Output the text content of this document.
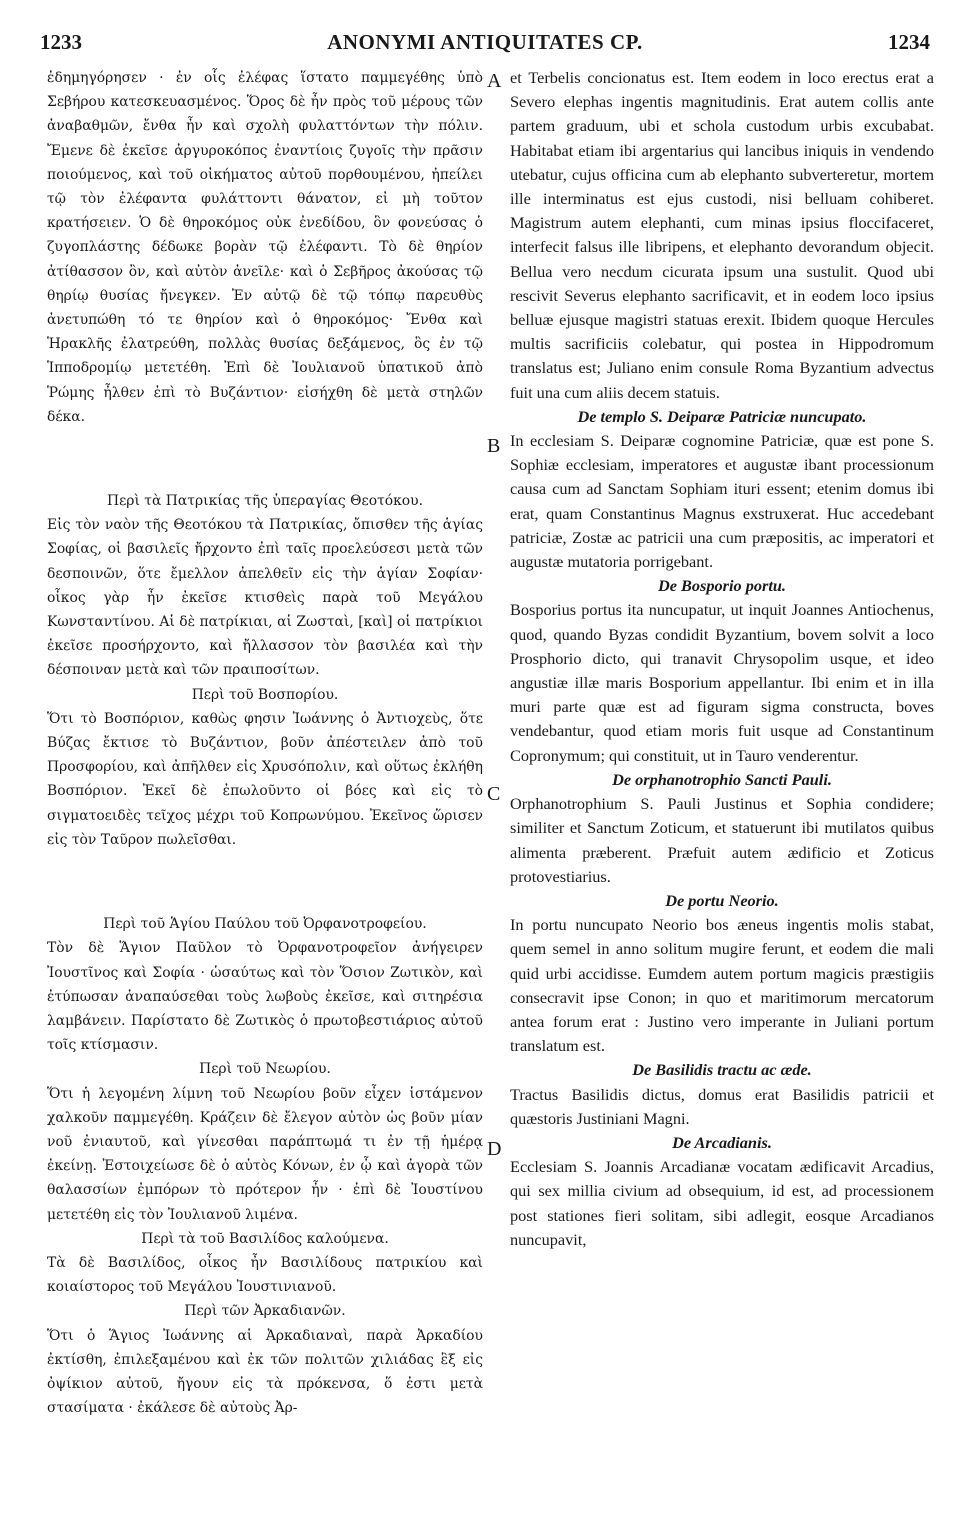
1233	ANONYMI ANTIQUITATES CP.	1234
A
B
C
D

ἐδημηγόρησεν · ἐν οἷς ἐλέφας ἵστατο παμμεγέθης ὑπὸ Σεβήρου κατεσκευασμένος. Ὅρος δὲ ἦν πρὸς τοῦ μέρους τῶν ἀναβαθμῶν, ἔνθα ἦν καὶ σχολὴ φυλαττόντων τὴν πόλιν. Ἔμενε δὲ ἐκεῖσε ἀργυροκόπος ἐναντίοις ζυγοῖς τὴν πρᾶσιν ποιούμενος, καὶ τοῦ οἰκήματος αὐτοῦ πορθουμένου, ἠπείλει τῷ τὸν ἐλέφαντα φυλάττοντι θάνατον, εἰ μὴ τοῦτον κρατήσειεν. Ὁ δὲ θηροκόμος οὐκ ἐνεδίδου, ὃν φονεύσας ὁ ζυγοπλάστης δέδωκε βορὰν τῷ ἐλέφαντι. Τὸ δὲ θηρίον ἀτίθασσον ὂν, καὶ αὐτὸν ἀνεῖλε· καὶ ὁ Σεβῆρος ἀκούσας τῷ θηρίῳ θυσίας ἤνεγκεν. Ἐν αὐτῷ δὲ τῷ τόπῳ παρευθὺς ἀνετυπώθη τό τε θηρίον καὶ ὁ θηροκόμος· Ἔνθα καὶ Ἡρακλῆς ἐλατρεύθη, πολλὰς θυσίας δεξάμενος, ὃς ἐν τῷ Ἱπποδρομίῳ μετετέθη. Ἐπὶ δὲ Ἰουλιανοῦ ὑπατικοῦ ἀπὸ Ῥώμης ἦλθεν ἐπὶ τὸ Βυζάντιον· εἰσήχθη δὲ μετὰ στηλῶν δέκα.

Περὶ τὰ Πατρικίας τῆς ὑπεραγίας Θεοτόκου.

Εἰς τὸν ναὸν τῆς Θεοτόκου τὰ Πατρικίας, ὄπισθεν τῆς ἁγίας Σοφίας, οἱ βασιλεῖς ἤρχοντο ἐπὶ ταῖς προελεύσεσι μετὰ τῶν δεσποινῶν, ὅτε ἔμελλον ἀπελθεῖν εἰς τὴν ἁγίαν Σοφίαν· οἶκος γὰρ ἦν ἐκεῖσε κτισθεὶς παρὰ τοῦ Μεγάλου Κωνσταντίνου. Αἱ δὲ πατρίκιαι, αἱ Ζωσταὶ, [καὶ] οἱ πατρίκιοι ἐκεῖσε προσήρχοντο, καὶ ἤλλασσον τὸν βασιλέα καὶ τὴν δέσποιναν μετὰ καὶ τῶν πραιποσίτων.

Περὶ τοῦ Βοσπορίου.

Ὅτι τὸ Βοσπόριον, καθὼς φησιν Ἰωάννης ὁ Ἀντιοχεὺς, ὅτε Βύζας ἔκτισε τὸ Βυζάντιον, βοῦν ἀπέστειλεν ἀπὸ τοῦ Προσφορίου, καὶ ἀπῆλθεν εἰς Χρυσόπολιν, καὶ οὕτως ἐκλήθη Βοσπόριον. Ἐκεῖ δὲ ἐπωλοῦντο οἱ βόες καὶ εἰς τὸ σιγματοειδὲς τεῖχος μέχρι τοῦ Κοπρωνύμου. Ἐκεῖνος ὥρισεν εἰς τὸν Ταῦρον πωλεῖσθαι.

Περὶ τοῦ Ἁγίου Παύλου τοῦ Ὀρφανοτροφείου.

Τὸν δὲ Ἅγιον Παῦλον τὸ Ὀρφανοτροφεῖον ἀνήγειρεν Ἰουστῖνος καὶ Σοφία · ὡσαύτως καὶ τὸν Ὅσιον Ζωτικὸν, καὶ ἐτύπωσαν ἀναπαύσεθαι τοὺς λωβοὺς ἐκεῖσε, καὶ σιτηρέσια λαμβάνειν. Παρίστατο δὲ Ζωτικὸς ὁ πρωτοβεστιάριος αὐτοῦ τοῖς κτίσμασιν.

Περὶ τοῦ Νεωρίου.

Ὅτι ἡ λεγομένη λίμνη τοῦ Νεωρίου βοῦν εἶχεν ἱστάμενον χαλκοῦν παμμεγέθη. Κράζειν δὲ ἔλεγον αὐτὸν ὡς βοῦν μίαν νοῦ ἐνιαυτοῦ, καὶ γίνεσθαι παράπτωμά τι ἐν τῇ ἡμέρᾳ ἐκείνῃ. Ἐστοιχείωσε δὲ ὁ αὐτὸς Κόνων, ἐν ᾧ καὶ ἀγορὰ τῶν θαλασσίων ἐμπόρων τὸ πρότερον ἦν · ἐπὶ δὲ Ἰουστίνου μετετέθη εἰς τὸν Ἰουλιανοῦ λιμένα.

Περὶ τὰ τοῦ Βασιλίδος καλούμενα.

Τὰ δὲ Βασιλίδος, οἶκος ἦν Βασιλίδους πατρικίου καὶ κοιαίστορος τοῦ Μεγάλου Ἰουστινιανοῦ.

Περὶ τῶν Ἀρκαδιανῶν.

Ὅτι ὁ Ἅγιος Ἰωάννης αἱ Ἀρκαδιαναὶ, παρὰ Ἀρκαδίου ἐκτίσθη, ἐπιλεξαμένου καὶ ἐκ τῶν πολιτῶν χιλιάδας ἓξ εἰς ὀψίκιον αὐτοῦ, ἤγουν εἰς τὰ πρόκενσα, ὅ ἐστι μετὰ στασίματα · ἐκάλεσε δὲ αὐτοὺς Ἀρ-

et Terbelis concionatus est. Item eodem in loco erectus erat a Severo elephas ingentis magnitudinis. Erat autem collis ante partem graduum, ubi et schola custodum urbis excubabat. Habitabat etiam ibi argentarius qui lancibus iniquis in vendendo utebatur, cujus officina cum ab elephanto subverteretur, mortem ille interminatus est ejus custodi, nisi belluam cohiberet. Magistrum autem elephanti, cum minas ipsius floccifaceret, interfecit falsus ille libripens, et elephanto devorandum objecit. Bellua vero necdum cicurata ipsum una sustulit. Quod ubi rescivit Severus elephanto sacrificavit, et in eodem loco ipsius belluæ ejusque magistri statuas erexit. Ibidem quoque Hercules multis sacrificiis colebatur, qui postea in Hippodromum translatus est; Juliano enim consule Roma Byzantium advectus fuit una cum aliis decem statuis.

De templo S. Deiparæ Patriciæ nuncupato.

In ecclesiam S. Deiparæ cognomine Patriciæ, quæ est pone S. Sophiæ ecclesiam, imperatores et augustæ ibant processionum causa cum ad Sanctam Sophiam ituri essent; etenim domus ibi erat, quam Constantinus Magnus exstruxerat. Huc accedebant patriciæ, Zostæ ac patricii una cum præpositis, ac imperatori et augustæ mutatoria porrigebant.

De Bosporio portu.

Bosporius portus ita nuncupatur, ut inquit Joannes Antiochenus, quod, quando Byzas condidit Byzantium, bovem solvit a loco Prosphorio dicto, qui tranavit Chrysopolim usque, et ideo angustiæ illæ maris Bosporium appellantur. Ibi enim et in illa muri parte quæ est ad figuram sigma constructa, boves vendebantur, quod etiam moris fuit usque ad Constantinum Copronymum; qui constituit, ut in Tauro venderentur.

De orphanotrophio Sancti Pauli.

Orphanotrophium S. Pauli Justinus et Sophia condidere; similiter et Sanctum Zoticum, et statuerunt ibi mutilatos quibus alimenta præberent. Præfuit autem ædificio et Zoticus protovestiarius.

De portu Neorio.

In portu nuncupato Neorio bos æneus ingentis molis stabat, quem semel in anno solitum mugire ferunt, et eodem die mali quid urbi accidisse. Eumdem autem portum magicis præstigiis consecravit ipse Conon; in quo et maritimorum mercatorum antea forum erat : Justino vero imperante in Juliani portum translatum est.

De Basilidis tractu ac æde.

Tractus Basilidis dictus, domus erat Basilidis patricii et quæstoris Justiniani Magni.

De Arcadianis.

Ecclesiam S. Joannis Arcadianæ vocatam ædificavit Arcadius, qui sex millia civium ad obsequium, id est, ad processionem post stationes fieri solitam, sibi adlegit, eosque Arcadianos nuncupavit,
